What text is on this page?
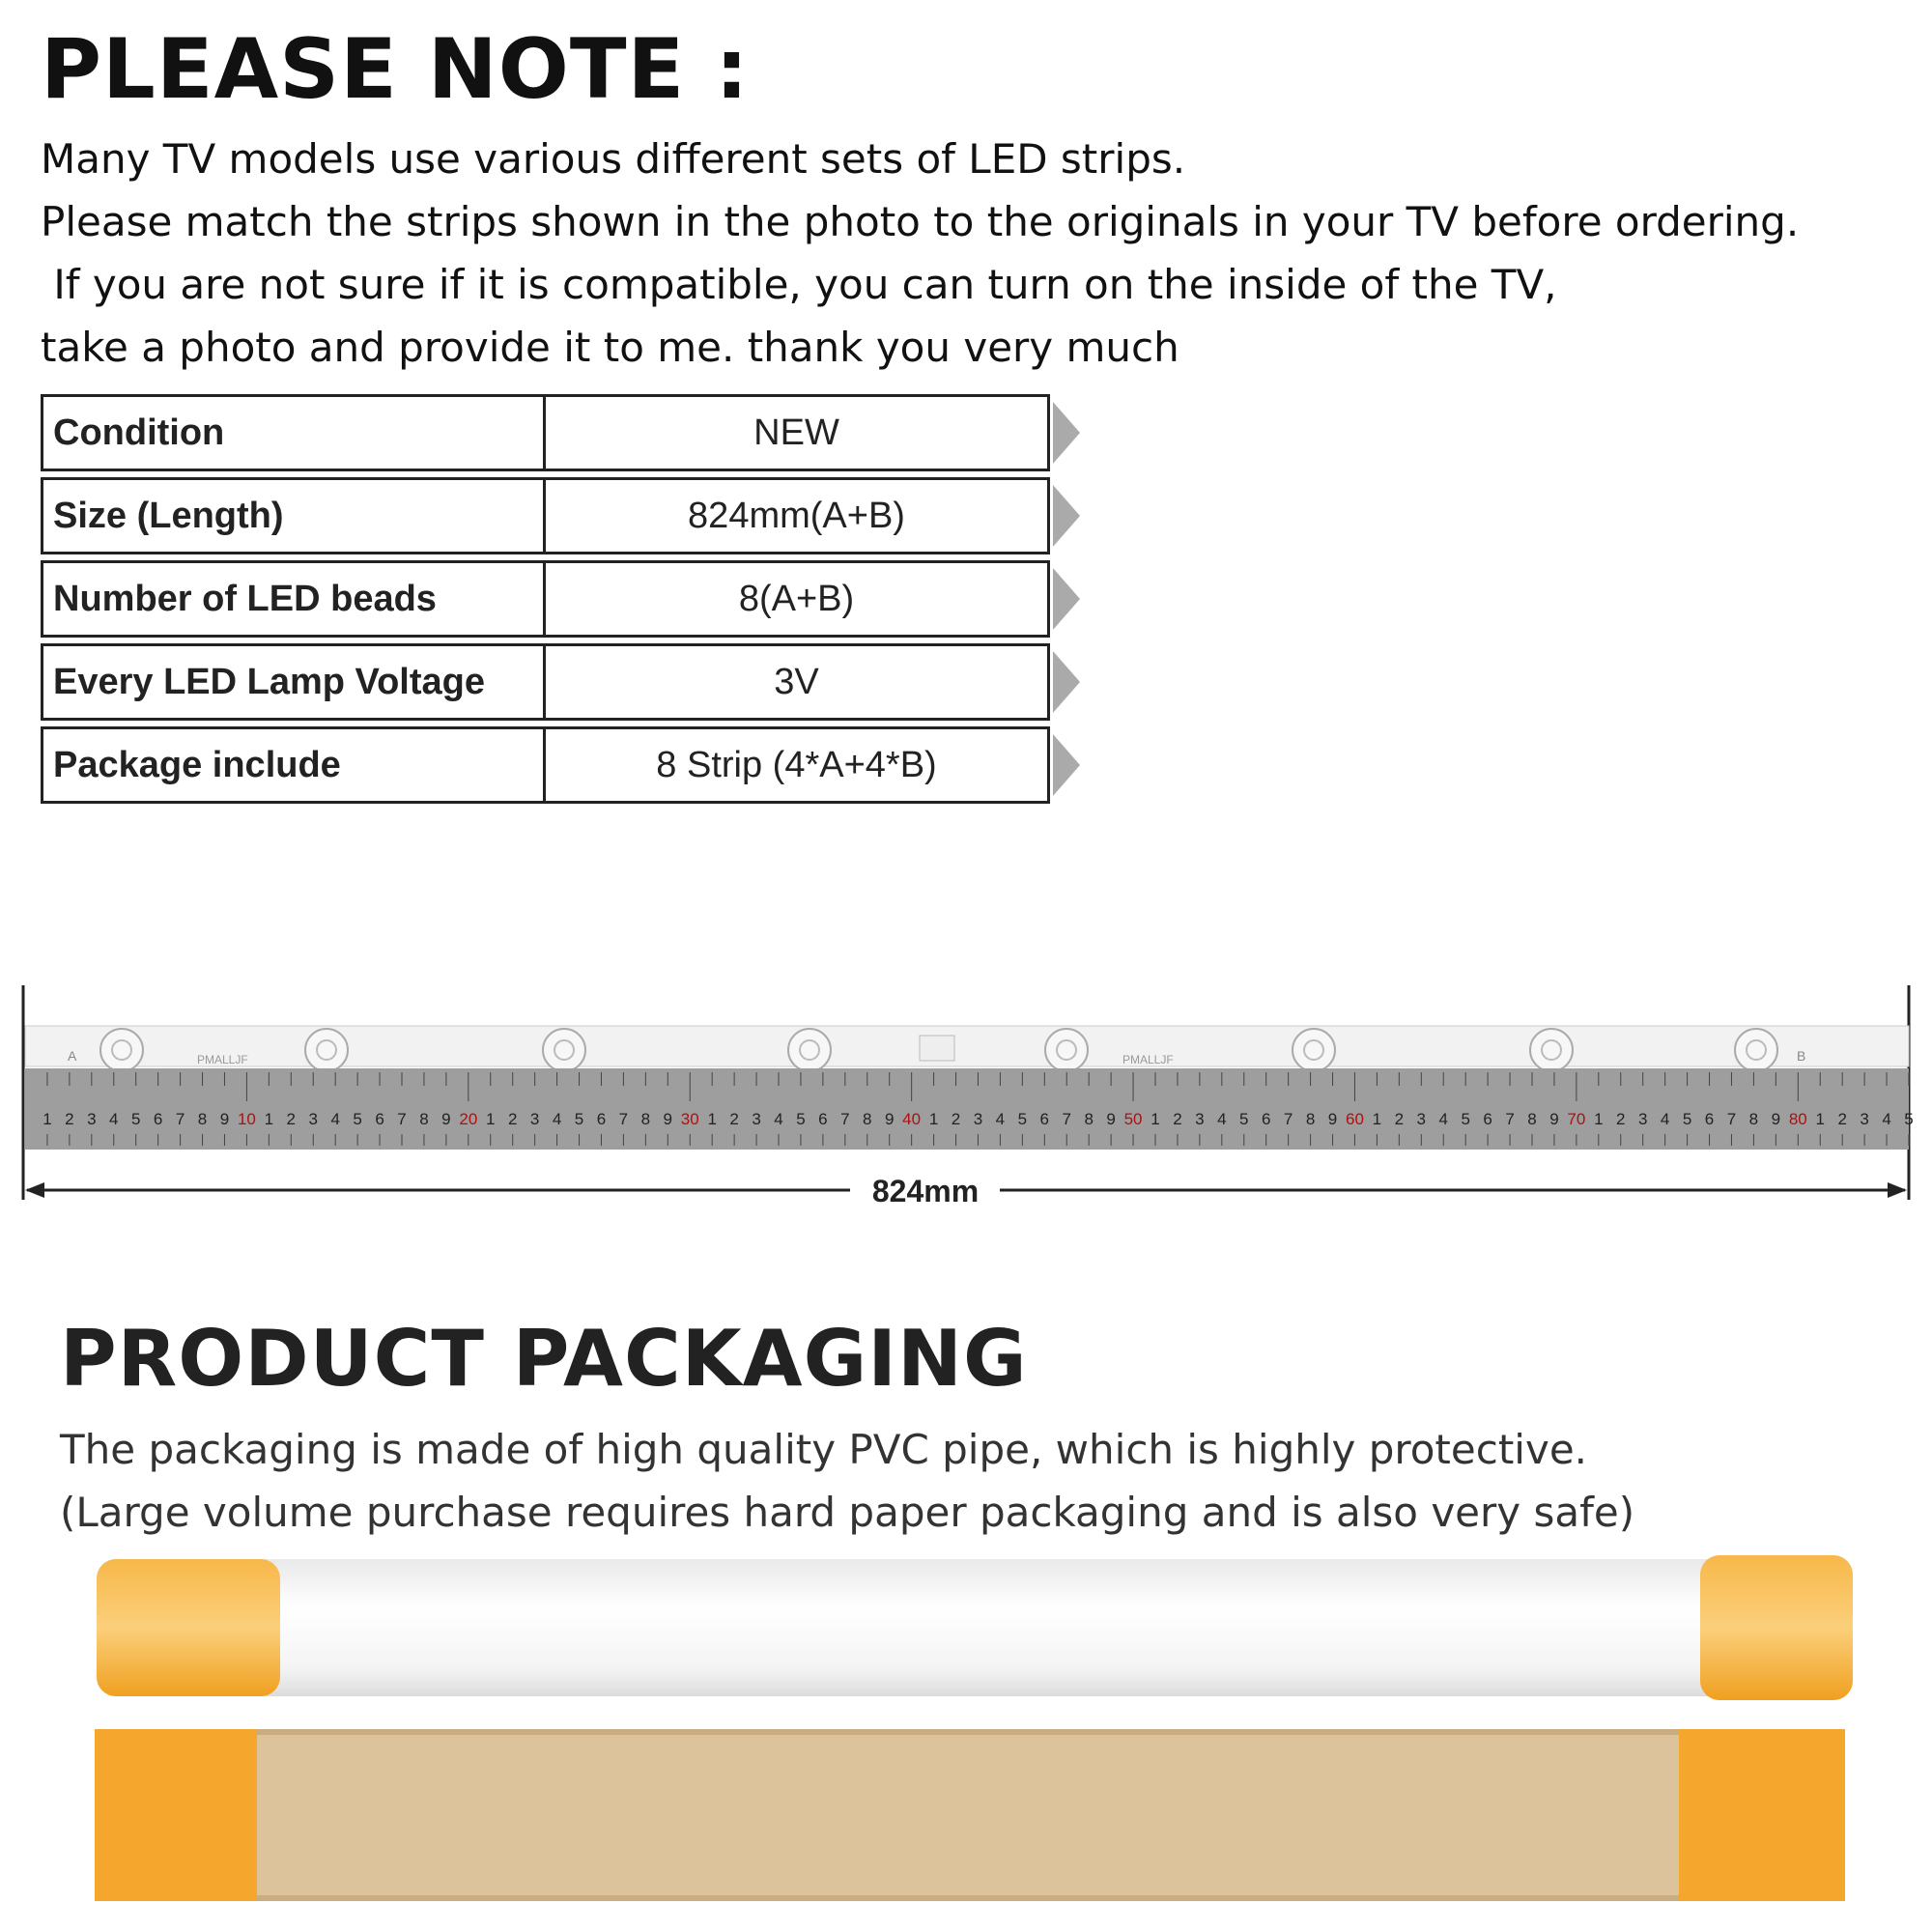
PLEASE NOTE :
Many TV models use various different sets of LED strips.
Please match the strips shown in the photo to the originals in your TV before ordering.
If you are not sure if it is compatible, you can turn on the inside of the TV,
take a photo and provide it to me. thank you very much
Condition	NEW
Size (Length)	824mm(A+B)
Number of LED beads	8(A+B)
Every LED Lamp Voltage	3V
Package include	8 Strip (4*A+4*B)
A	B
PMALLJF	PMALLJF
1 2 3 4 5 6 7 8 9 10 1 2 3 4 5 6 7 8 9 20 1 2 3 4 5 6 7 8 9 30 1 2 3 4 5 6 7 8 9 40 1 2 3 4 5 6 7 8 9 50 1 2 3 4 5 6 7 8 9 60 1 2 3 4 5 6 7 8 9 70 1 2 3 4 5 6 7 8 9 80 1 2 3 4 5
824mm
PRODUCT PACKAGING
The packaging is made of high quality PVC pipe, which is highly protective.
(Large volume purchase requires hard paper packaging and is also very safe)
